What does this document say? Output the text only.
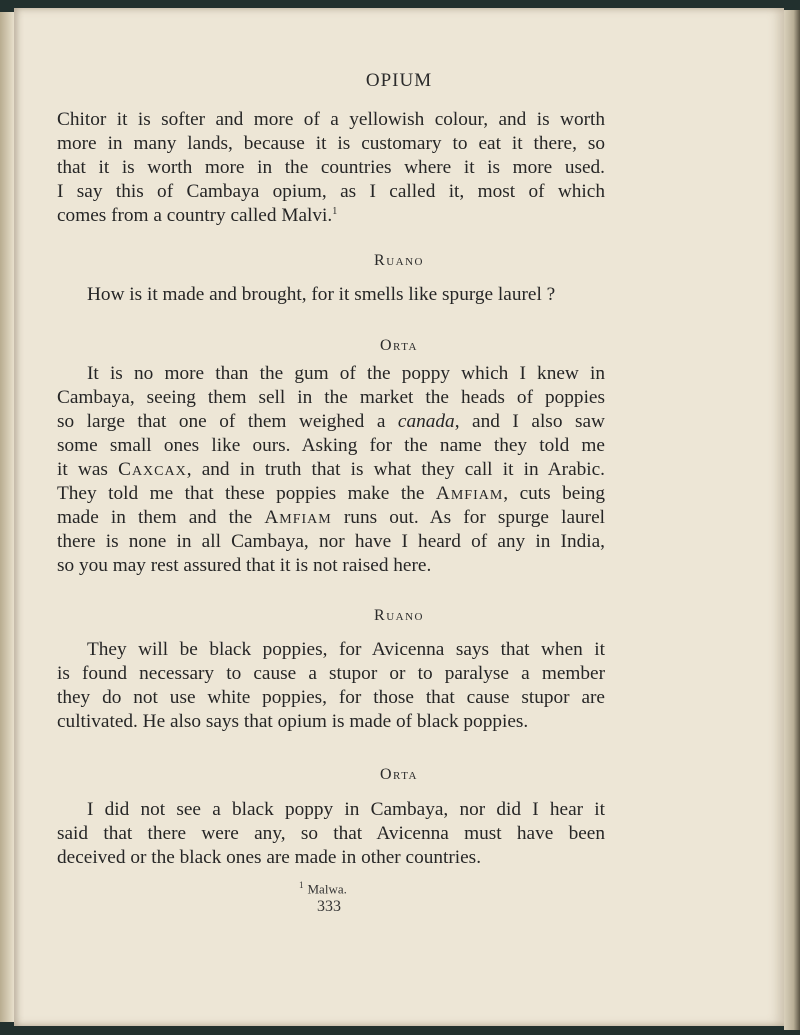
OPIUM

Chitor it is softer and more of a yellowish colour, and is worth

more in many lands, because it is customary to eat it there, so

that it is worth more in the countries where it is more used.

I say this of Cambaya opium, as I called it, most of which

comes from a country called Malvi.$^1$

Ruano
How is it made and brought, for it smells like spurge laurel ?
Orta

It is no more than the gum of the poppy which I knew in

Cambaya, seeing them sell in the market the heads of poppies

so large that one of them weighed a canada, and I also saw

some small ones like ours. Asking for the name they told me

it was Caxcax, and in truth that is what they call it in Arabic.

They told me that these poppies make the Amfiam, cuts being

made in them and the Amfiam runs out. As for spurge laurel

there is none in all Cambaya, nor have I heard of any in India,

so you may rest assured that it is not raised here.

Ruano

They will be black poppies, for Avicenna says that when it

is found necessary to cause a stupor or to paralyse a member

they do not use white poppies, for those that cause stupor are

cultivated. He also says that opium is made of black poppies.

Orta

I did not see a black poppy in Cambaya, nor did I hear it

said that there were any, so that Avicenna must have been

deceived or the black ones are made in other countries.

$^1$ Malwa.
333
